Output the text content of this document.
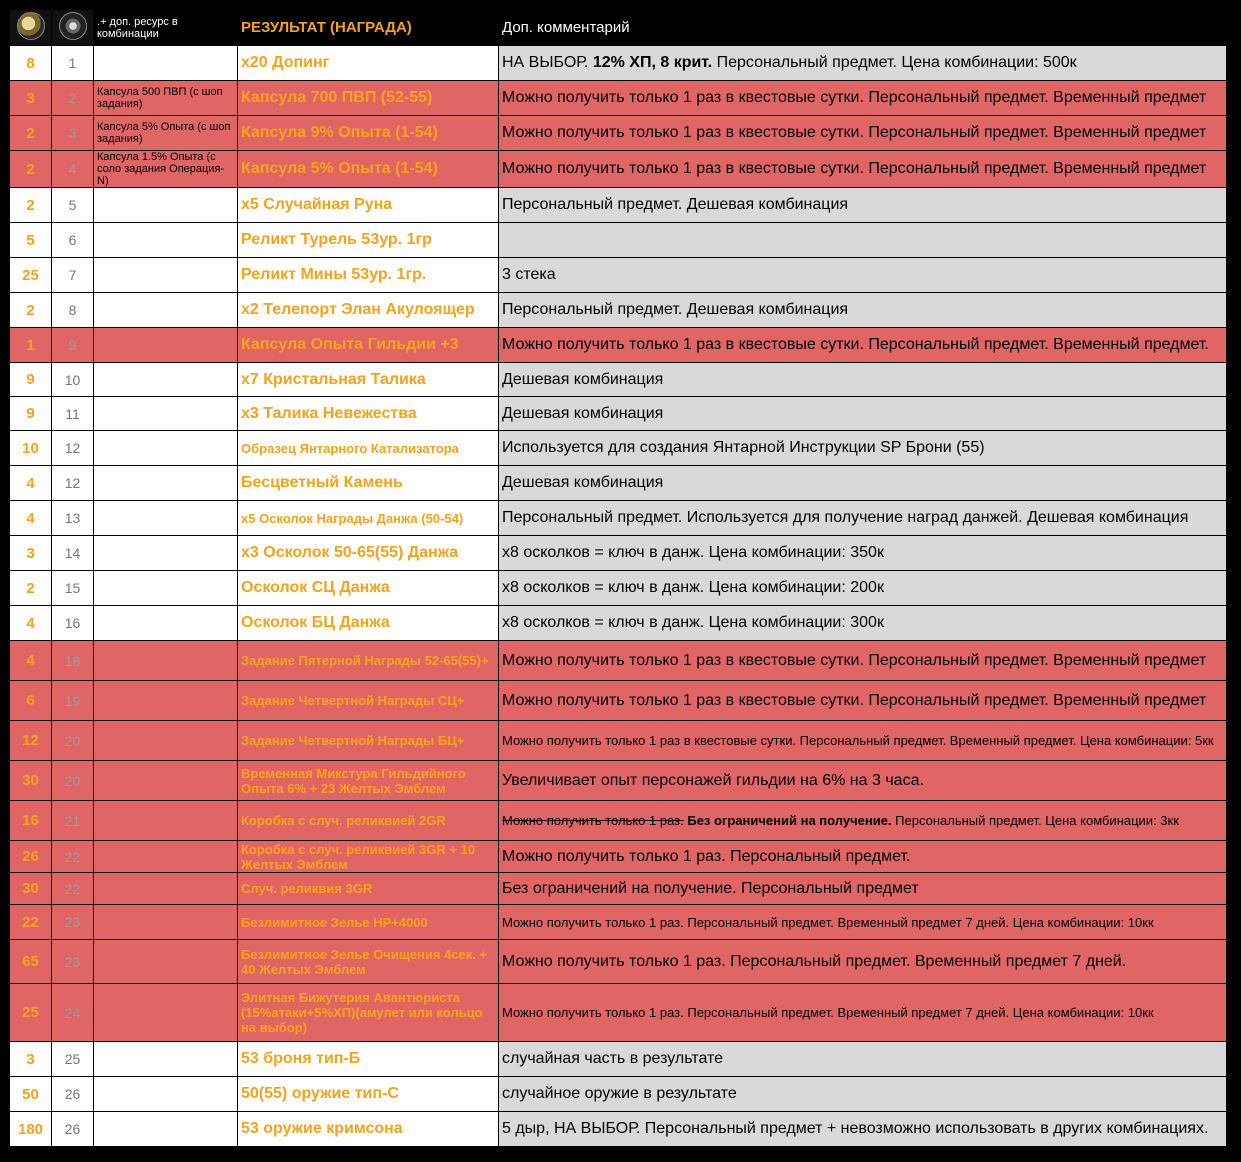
		.+ доп. ресурс в комбинации	РЕЗУЛЬТАТ (НАГРАДА)	Доп. комментарий
8	1		х20 Допинг	НА ВЫБОР. 12% ХП, 8 крит. Персональный предмет. Цена комбинации: 500к
3	2	Капсула 500 ПВП (с шоп задания)	Капсула 700 ПВП (52-55)	Можно получить только 1 раз в квестовые сутки. Персональный предмет. Временный предмет
2	3	Капсула 5% Опыта (с шоп задания)	Капсула 9% Опыта (1-54)	Можно получить только 1 раз в квестовые сутки. Персональный предмет. Временный предмет
2	4	Капсула 1.5% Опыта (с соло задания Операция-N)	Капсула 5% Опыта (1-54)	Можно получить только 1 раз в квестовые сутки. Персональный предмет. Временный предмет
2	5		х5 Случайная Руна	Персональный предмет. Дешевая комбинация
5	6		Реликт Турель 53ур. 1гр	
25	7		Реликт Мины 53ур. 1гр.	3 стека
2	8		х2 Телепорт Элан Акулоящер	Персональный предмет. Дешевая комбинация
1	9		Капсула Опыта Гильдии +3	Можно получить только 1 раз в квестовые сутки. Персональный предмет. Временный предмет.
9	10		х7 Кристальная Талика	Дешевая комбинация
9	11		х3 Талика Невежества	Дешевая комбинация
10	12		Образец Янтарного Катализатора	Используется для создания Янтарной Инструкции SP Брони (55)
4	12		Бесцветный Камень	Дешевая комбинация
4	13		х5 Осколок Награды Данжа (50-54)	Персональный предмет. Используется для получение наград данжей. Дешевая комбинация
3	14		х3 Осколок 50-65(55) Данжа	х8 осколков = ключ в данж. Цена комбинации: 350к
2	15		Осколок СЦ Данжа	х8 осколков = ключ в данж. Цена комбинации: 200к
4	16		Осколок БЦ Данжа	х8 осколков = ключ в данж. Цена комбинации: 300к
4	18		Задание Пятерной Награды 52-65(55)+	Можно получить только 1 раз в квестовые сутки. Персональный предмет. Временный предмет
6	19		Задание Четвертной Награды СЦ+	Можно получить только 1 раз в квестовые сутки. Персональный предмет. Временный предмет
12	20		Задание Четвертной Награды БЦ+	Можно получить только 1 раз в квестовые сутки. Персональный предмет. Временный предмет. Цена комбинации: 5кк
30	20		Временная Микстура Гильдийного Опыта 6% + 23 Желтых Эмблем	Увеличивает опыт персонажей гильдии на 6% на 3 часа.
16	21		Коробка с случ. реликвией 2GR	Можно получить только 1 раз. Без ограничений на получение. Персональный предмет. Цена комбинации: 3кк
26	22		Коробка с случ. реликвией 3GR + 10 Желтых Эмблем	Можно получить только 1 раз. Персональный предмет.
30	22		Случ. реликвия 3GR	Без ограничений на получение. Персональный предмет
22	23		Безлимитное Зелье HP+4000	Можно получить только 1 раз. Персональный предмет. Временный предмет 7 дней. Цена комбинации: 10кк
65	23		Безлимитное Зелье Очищения 4сек. + 40 Желтых Эмблем	Можно получить только 1 раз. Персональный предмет. Временный предмет 7 дней.
25	24		Элитная Бижутерия Авантюриста (15%атаки+5%ХП)(амулет или кольцо на выбор)	Можно получить только 1 раз. Персональный предмет. Временный предмет 7 дней. Цена комбинации: 10кк
3	25		53 броня тип-Б	случайная часть в результате
50	26		50(55) оружие тип-С	случайное оружие в результате
180	26		53 оружие кримсона	5 дыр, НА ВЫБОР. Персональный предмет + невозможно использовать в других комбинациях.
